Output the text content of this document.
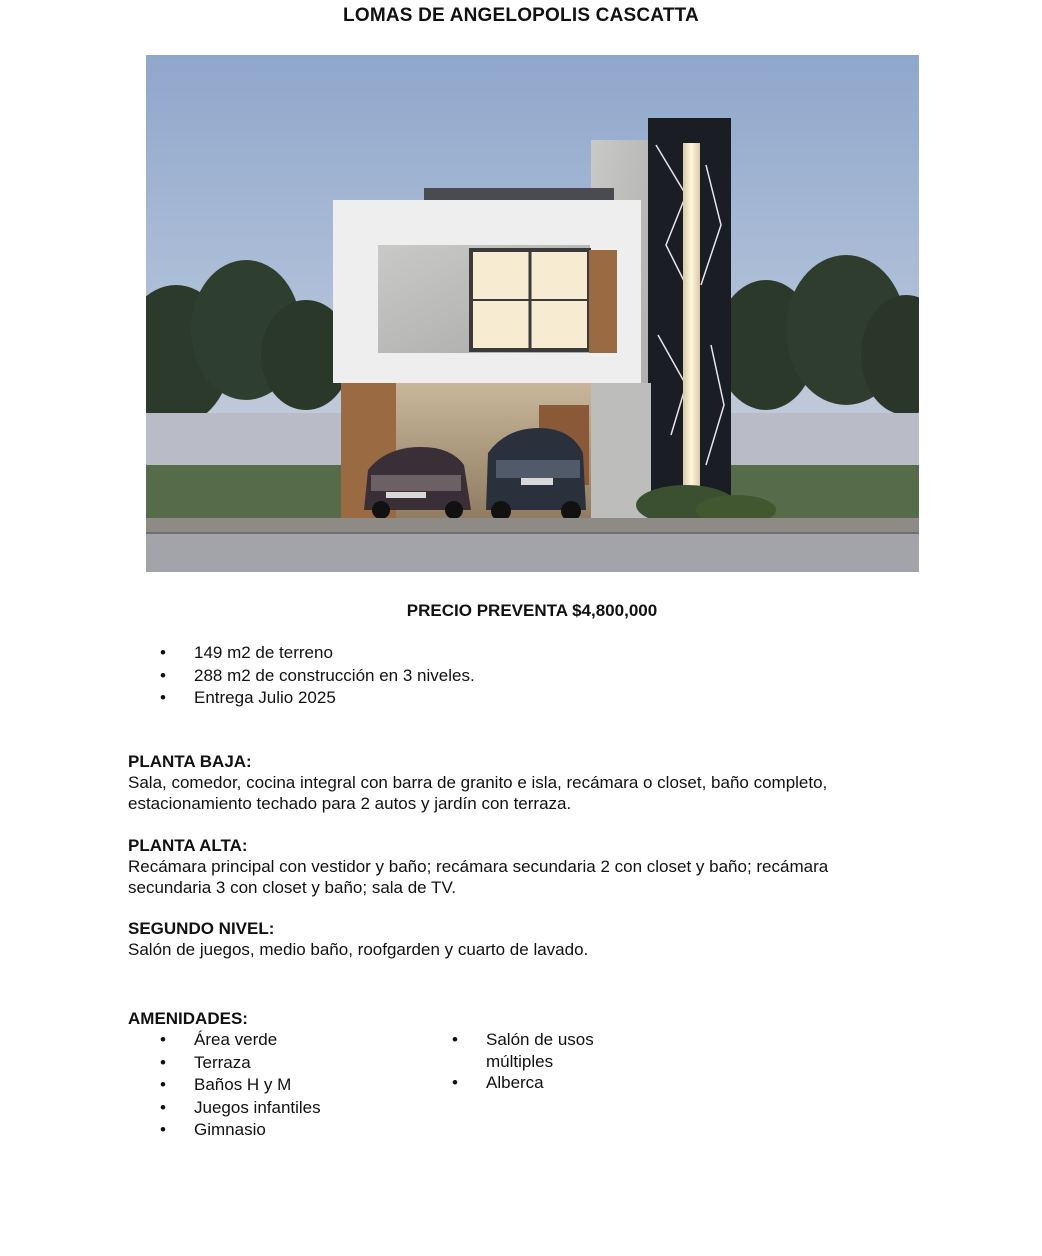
LOMAS DE ANGELOPOLIS CASCATTA

PRECIO PREVENTA $4,800,000

• 149 m2 de terreno
• 288 m2 de construcción en 3 niveles.
• Entrega Julio 2025
PLANTA BAJA:

Sala, comedor, cocina integral con barra de granito e isla, recámara o closet, baño completo, estacionamiento techado para 2 autos y jardín con terraza.

PLANTA ALTA:

Recámara principal con vestidor y baño; recámara secundaria 2 con closet y baño; recámara secundaria 3 con closet y baño; sala de TV.

SEGUNDO NIVEL:

Salón de juegos, medio baño, roofgarden y cuarto de lavado.

AMENIDADES:
• Área verde
• Terraza
• Baños H y M
• Juegos infantiles
• Gimnasio
• Salón de usos múltiples
• Alberca
